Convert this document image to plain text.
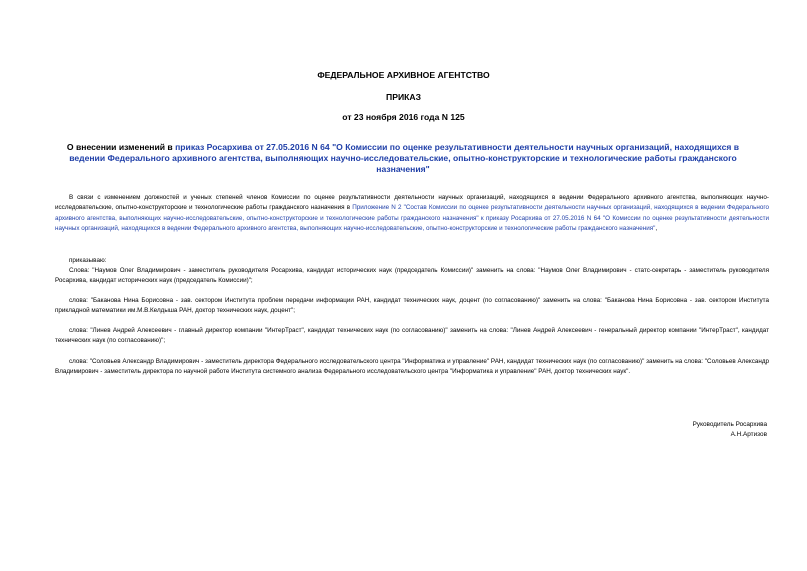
ФЕДЕРАЛЬНОЕ АРХИВНОЕ АГЕНТСТВО

ПРИКАЗ

от 23 ноября 2016 года N 125

О внесении изменений в приказ Росархива от 27.05.2016 N 64 "О Комиссии по оценке результативности деятельности научных организаций, находящихся в ведении Федерального архивного агентства, выполняющих научно-исследовательские, опытно-конструкторские и технологические работы гражданского назначения"

В связи с изменением должностей и ученых степеней членов Комиссии по оценке результативности деятельности научных организаций, находящихся в ведении Федерального архивного агентства, выполняющих научно-исследовательские, опытно-конструкторские и технологические работы гражданского назначения в Приложение N 2 "Состав Комиссии по оценке результативности деятельности научных организаций, находящихся в ведении Федерального архивного агентства, выполняющих научно-исследовательские, опытно-конструкторские и технологические работы гражданского назначения" к приказу Росархива от 27.05.2016 N 64 "О Комиссии по оценке результативности деятельности научных организаций, находящихся в ведении Федерального архивного агентства, выполняющих научно-исследовательские, опытно-конструкторские и технологические работы гражданского назначения",

приказываю:

Слова: "Наумов Олег Владимирович - заместитель руководителя Росархива, кандидат исторических наук (председатель Комиссии)" заменить на слова: "Наумов Олег Владимирович - статс-секретарь - заместитель руководителя Росархива, кандидат исторических наук (председатель Комиссии)";

слова: "Баканова Нина Борисовна - зав. сектором Института проблем передачи информации РАН, кандидат технических наук, доцент (по согласованию)" заменить на слова: "Баканова Нина Борисовна - зав. сектором Института прикладной математики им.М.В.Келдыша РАН, доктор технических наук, доцент";

слова: "Линев Андрей Алексеевич - главный директор компании "ИнтерТраст", кандидат технических наук (по согласованию)" заменить на слова: "Линев Андрей Алексеевич - генеральный директор компании "ИнтерТраст", кандидат технических наук (по согласованию)";

слова: "Соловьев Александр Владимирович - заместитель директора Федерального исследовательского центра "Информатика и управление" РАН, кандидат технических наук (по согласованию)" заменить на слова: "Соловьев Александр Владимирович - заместитель директора по научной работе Института системного анализа Федерального исследовательского центра "Информатика и управление" РАН, доктор технических наук".

Руководитель Росархива

А.Н.Артизов
